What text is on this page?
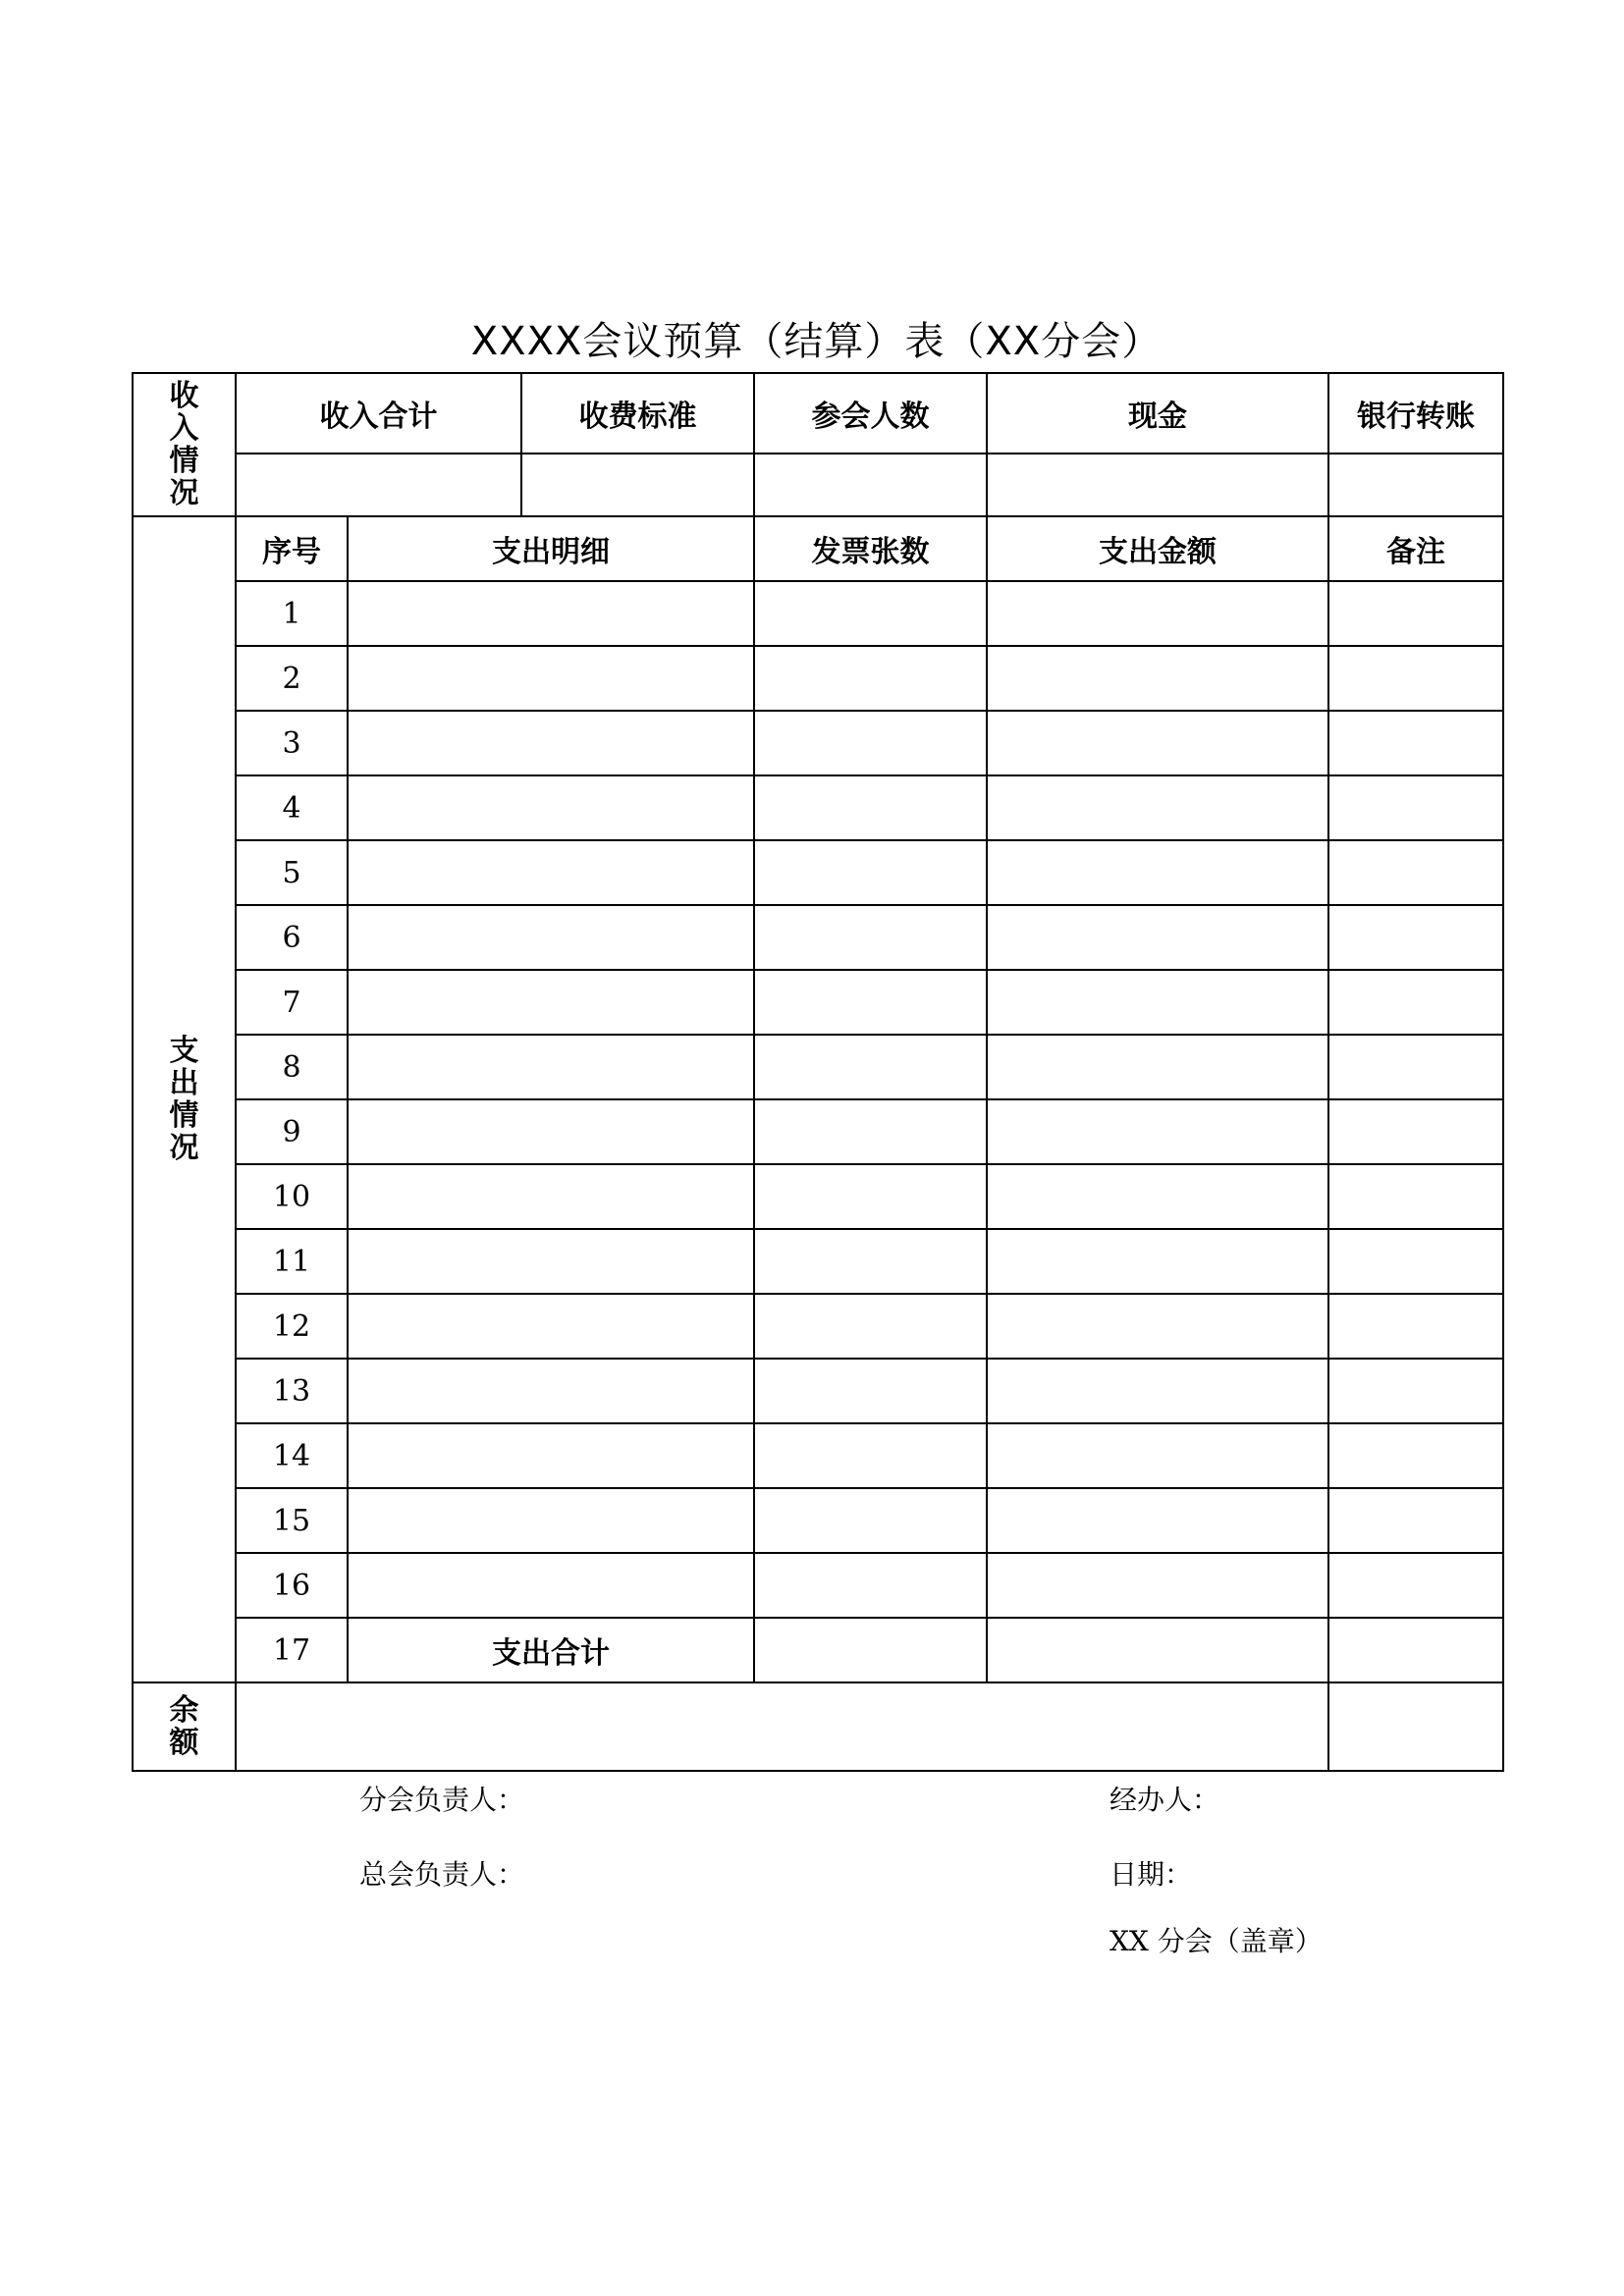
XXXX会议预算（结算）表（XX分会）
收入情况	收入合计		收费标准	参会人数	现金	银行转账

支出情况	序号	支出明细		发票张数	支出金额	备注
	1					
	2					
	3					
	4					
	5					
	6					
	7					
	8					
	9					
	10					
	11					
	12					
	13					
	14					
	15					
	16					
	17	支出合计				
余额						
分会负责人：	经办人：
总会负责人：	日期：
XX 分会（盖章）
